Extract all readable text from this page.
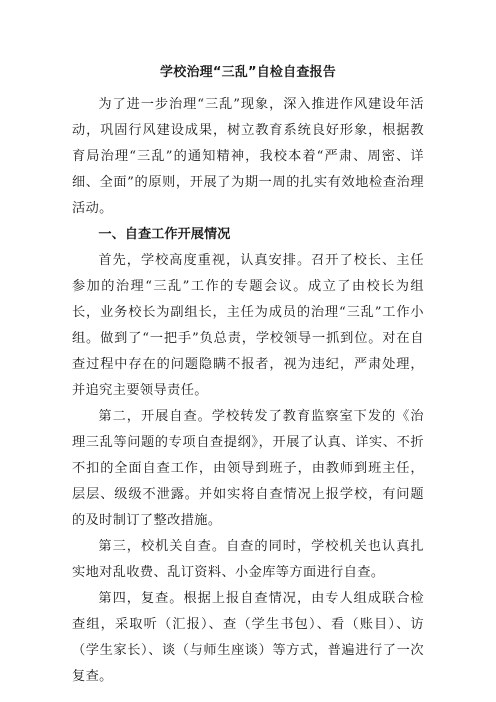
学校治理“三乱”自检自查报告

为了进一步治理“三乱”现象，深入推进作风建设年活动，巩固行风建设成果，树立教育系统良好形象，根据教育局治理“三乱”的通知精神，我校本着“严肃、周密、详细、全面”的原则，开展了为期一周的扎实有效地检查治理活动。

一、自查工作开展情况

首先，学校高度重视，认真安排。召开了校长、主任参加的治理“三乱”工作的专题会议。成立了由校长为组长，业务校长为副组长，主任为成员的治理“三乱”工作小组。做到了“一把手”负总责，学校领导一抓到位。对在自查过程中存在的问题隐瞒不报者，视为违纪，严肃处理，并追究主要领导责任。

第二，开展自查。学校转发了教育监察室下发的《治理三乱等问题的专项自查提纲》，开展了认真、详实、不折不扣的全面自查工作，由领导到班子，由教师到班主任，层层、级级不泄露。并如实将自查情况上报学校，有问题的及时制订了整改措施。

第三，校机关自查。自查的同时，学校机关也认真扎实地对乱收费、乱订资料、小金库等方面进行自查。

第四，复查。根据上报自查情况，由专人组成联合检查组，采取听（汇报）、查（学生书包）、看（账目）、访（学生家长）、谈（与师生座谈）等方式，普遍进行了一次复查。
